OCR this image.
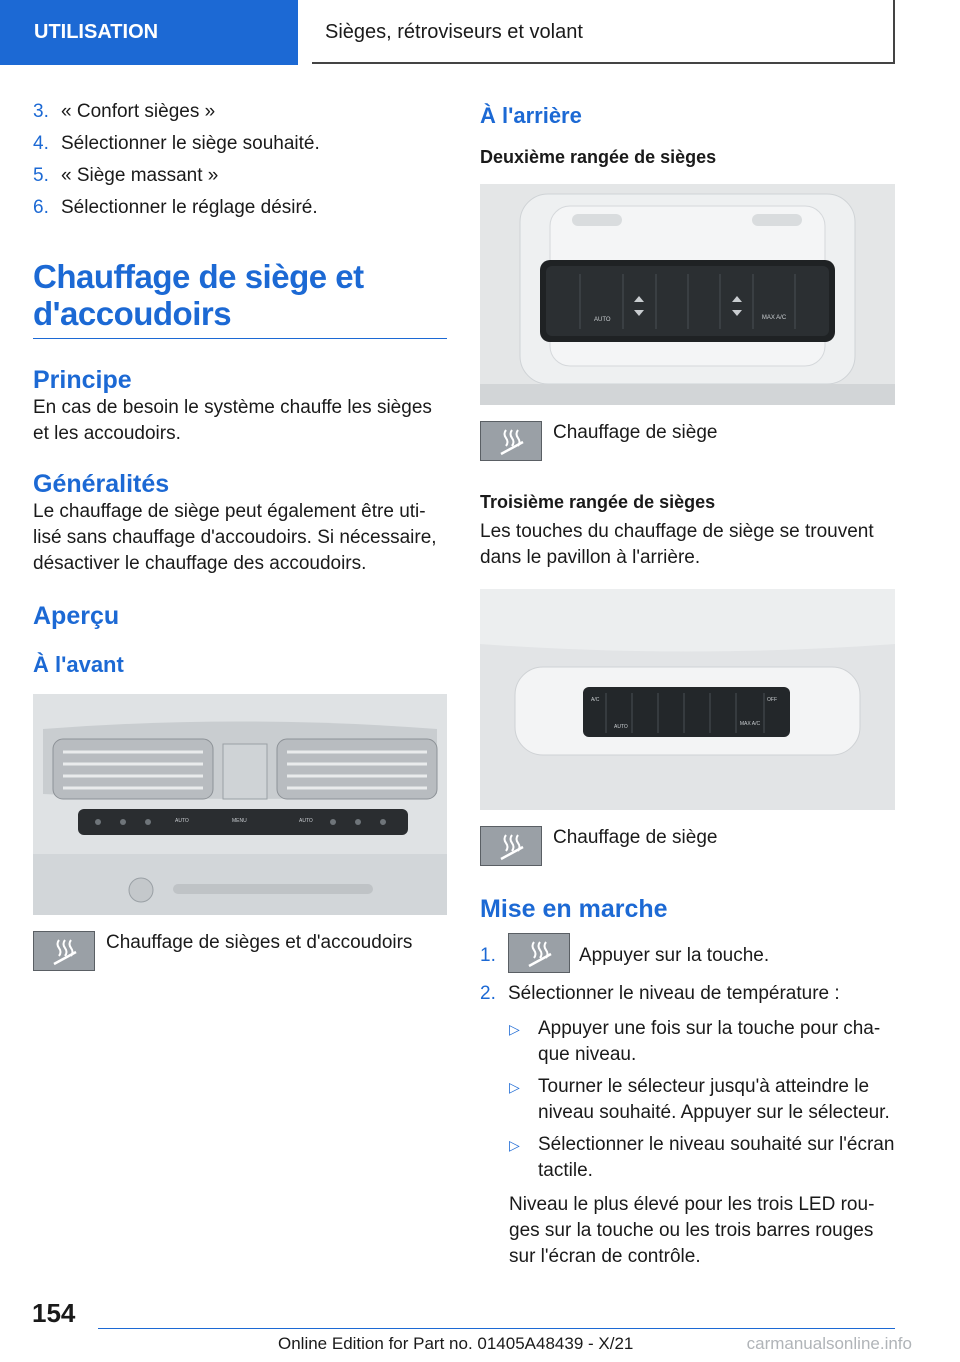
UTILISATION	Sièges, rétroviseurs et volant
3. « Confort sièges »
4. Sélectionner le siège souhaité.
5. « Siège massant »
6. Sélectionner le réglage désiré.
Chauffage de siège et d'accoudoirs
Principe

En cas de besoin le système chauffe les sièges et les accoudoirs.

Généralités

Le chauffage de siège peut également être uti-lisé sans chauffage d'accoudoirs. Si nécessaire, désactiver le chauffage des accoudoirs.

Aperçu
À l'avant
AUTO	MENU	AUTO
Chauffage de sièges et d'accoudoirs
À l'arrière

Deuxième rangée de sièges

AUTO	MAX A/C
Chauffage de siège

Troisième rangée de sièges

Les touches du chauffage de siège se trouvent dans le pavillon à l'arrière.

A/C	OFF
AUTO	MAX A/C
Chauffage de siège
Mise en marche
1.	Appuyer sur la touche.
2. Sélectionner le niveau de température :
▷ Appuyer une fois sur la touche pour cha-que niveau.
▷ Tourner le sélecteur jusqu'à atteindre le niveau souhaité. Appuyer sur le sélecteur.
▷ Sélectionner le niveau souhaité sur l'écran tactile.

Niveau le plus élevé pour les trois LED rou-ges sur la touche ou les trois barres rouges sur l'écran de contrôle.

154
Online Edition for Part no. 01405A48439 - X/21	carmanualsonline.info
